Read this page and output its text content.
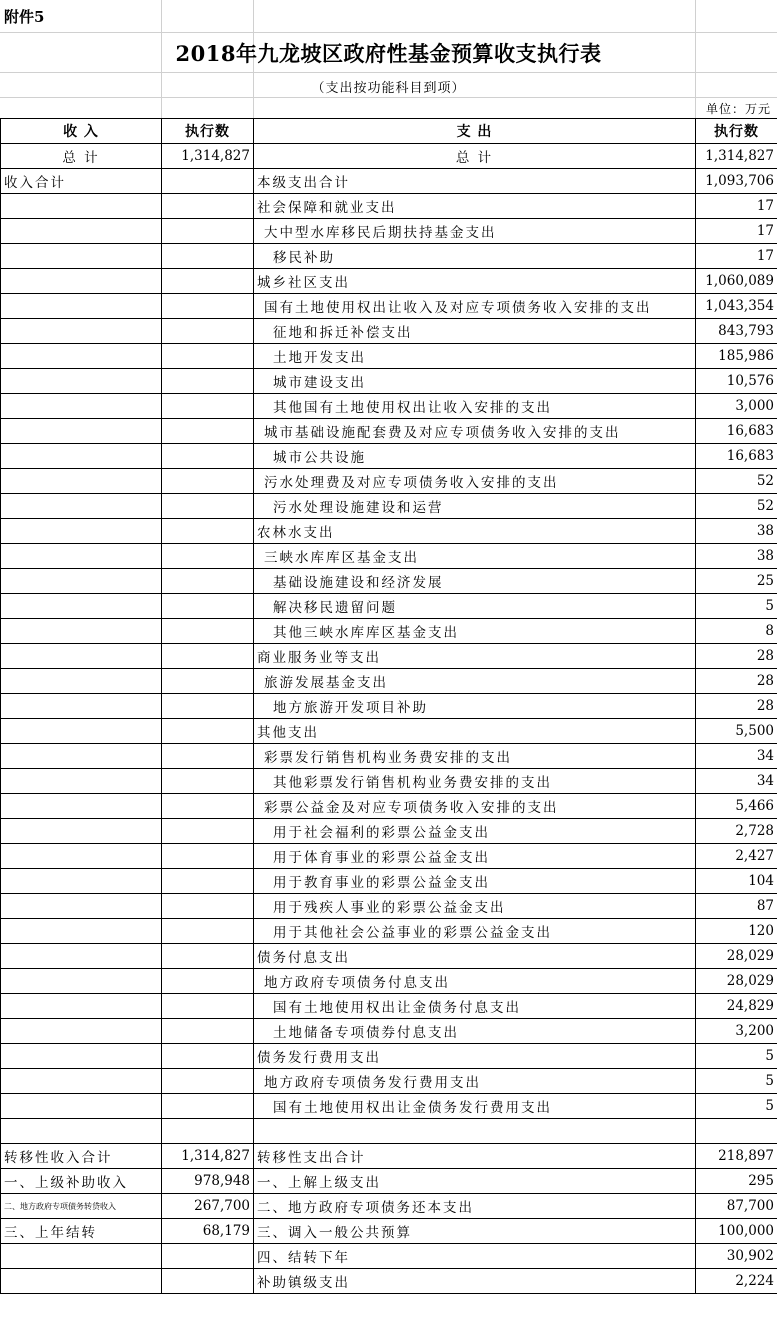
附件5
2018年九龙坡区政府性基金预算收支执行表
（支出按功能科目到项）
单位：万元
收 入	执行数	支 出	执行数
总 计	1,314,827	总 计	1,314,827
收入合计		本级支出合计	1,093,706
		社会保障和就业支出	17
		大中型水库移民后期扶持基金支出	17
		移民补助	17
		城乡社区支出	1,060,089
		国有土地使用权出让收入及对应专项债务收入安排的支出	1,043,354
		征地和拆迁补偿支出	843,793
		土地开发支出	185,986
		城市建设支出	10,576
		其他国有土地使用权出让收入安排的支出	3,000
		城市基础设施配套费及对应专项债务收入安排的支出	16,683
		城市公共设施	16,683
		污水处理费及对应专项债务收入安排的支出	52
		污水处理设施建设和运营	52
		农林水支出	38
		三峡水库库区基金支出	38
		基础设施建设和经济发展	25
		解决移民遗留问题	5
		其他三峡水库库区基金支出	8
		商业服务业等支出	28
		旅游发展基金支出	28
		地方旅游开发项目补助	28
		其他支出	5,500
		彩票发行销售机构业务费安排的支出	34
		其他彩票发行销售机构业务费安排的支出	34
		彩票公益金及对应专项债务收入安排的支出	5,466
		用于社会福利的彩票公益金支出	2,728
		用于体育事业的彩票公益金支出	2,427
		用于教育事业的彩票公益金支出	104
		用于残疾人事业的彩票公益金支出	87
		用于其他社会公益事业的彩票公益金支出	120
		债务付息支出	28,029
		地方政府专项债务付息支出	28,029
		国有土地使用权出让金债务付息支出	24,829
		土地储备专项债券付息支出	3,200
		债务发行费用支出	5
		地方政府专项债务发行费用支出	5
		国有土地使用权出让金债务发行费用支出	5

转移性收入合计	1,314,827	转移性支出合计	218,897
一、上级补助收入	978,948	一、上解上级支出	295
二、地方政府专项债务转贷收入	267,700	二、地方政府专项债务还本支出	87,700
三、上年结转	68,179	三、调入一般公共预算	100,000
		四、结转下年	30,902
		补助镇级支出	2,224
